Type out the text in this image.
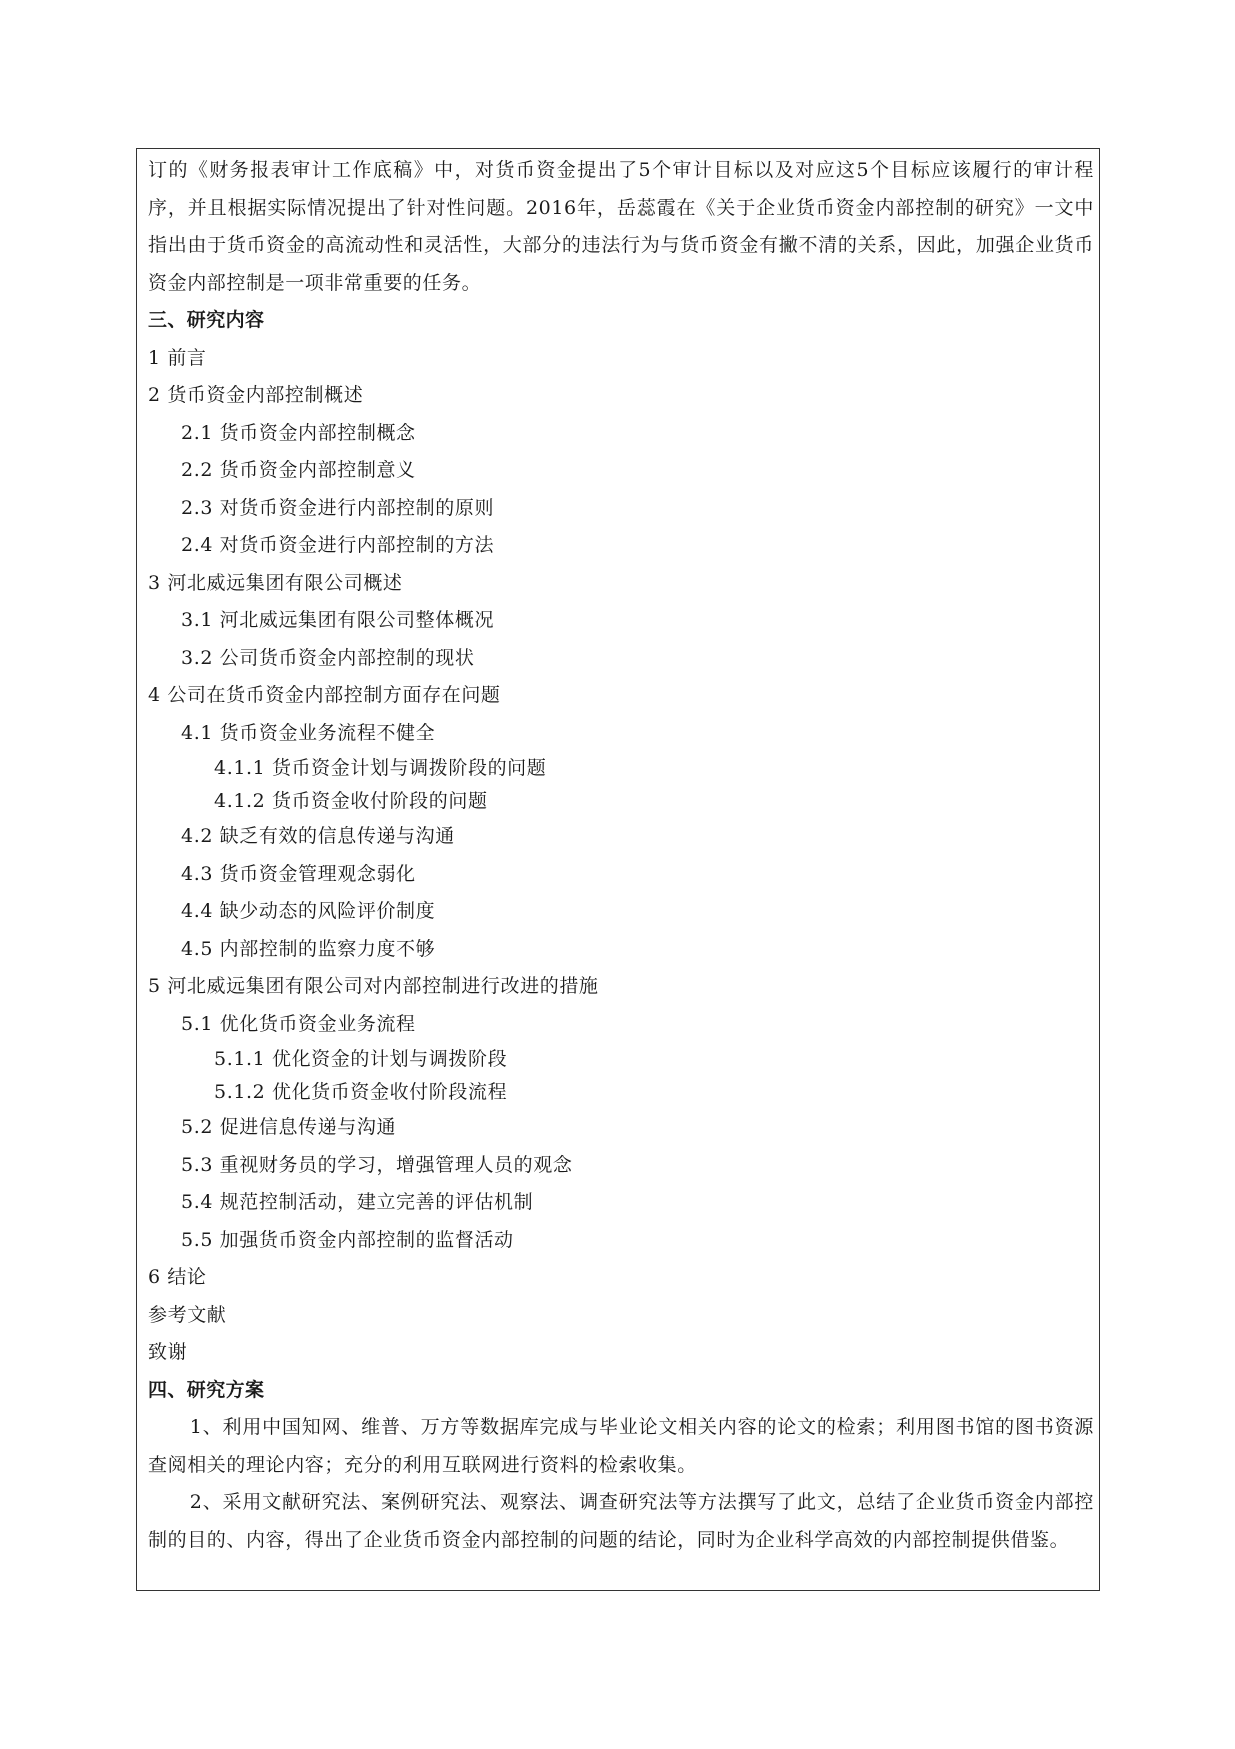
订的《财务报表审计工作底稿》中，对货币资金提出了5个审计目标以及对应这5个目标应该履行的审计程序，并且根据实际情况提出了针对性问题。2016年，岳蕊霞在《关于企业货币资金内部控制的研究》一文中指出由于货币资金的高流动性和灵活性，大部分的违法行为与货币资金有撇不清的关系，因此，加强企业货币资金内部控制是一项非常重要的任务。

三、研究内容
1 前言
2 货币资金内部控制概述
2.1 货币资金内部控制概念
2.2 货币资金内部控制意义
2.3 对货币资金进行内部控制的原则
2.4 对货币资金进行内部控制的方法
3 河北威远集团有限公司概述
3.1 河北威远集团有限公司整体概况
3.2 公司货币资金内部控制的现状
4 公司在货币资金内部控制方面存在问题
4.1 货币资金业务流程不健全
4.1.1 货币资金计划与调拨阶段的问题
4.1.2 货币资金收付阶段的问题
4.2 缺乏有效的信息传递与沟通
4.3 货币资金管理观念弱化
4.4 缺少动态的风险评价制度
4.5 内部控制的监察力度不够
5 河北威远集团有限公司对内部控制进行改进的措施
5.1 优化货币资金业务流程
5.1.1 优化资金的计划与调拨阶段
5.1.2 优化货币资金收付阶段流程
5.2 促进信息传递与沟通
5.3 重视财务员的学习，增强管理人员的观念
5.4 规范控制活动，建立完善的评估机制
5.5 加强货币资金内部控制的监督活动
6 结论
参考文献
致谢
四、研究方案

1、利用中国知网、维普、万方等数据库完成与毕业论文相关内容的论文的检索；利用图书馆的图书资源查阅相关的理论内容；充分的利用互联网进行资料的检索收集。

2、采用文献研究法、案例研究法、观察法、调查研究法等方法撰写了此文，总结了企业货币资金内部控制的目的、内容，得出了企业货币资金内部控制的问题的结论，同时为企业科学高效的内部控制提供借鉴。
